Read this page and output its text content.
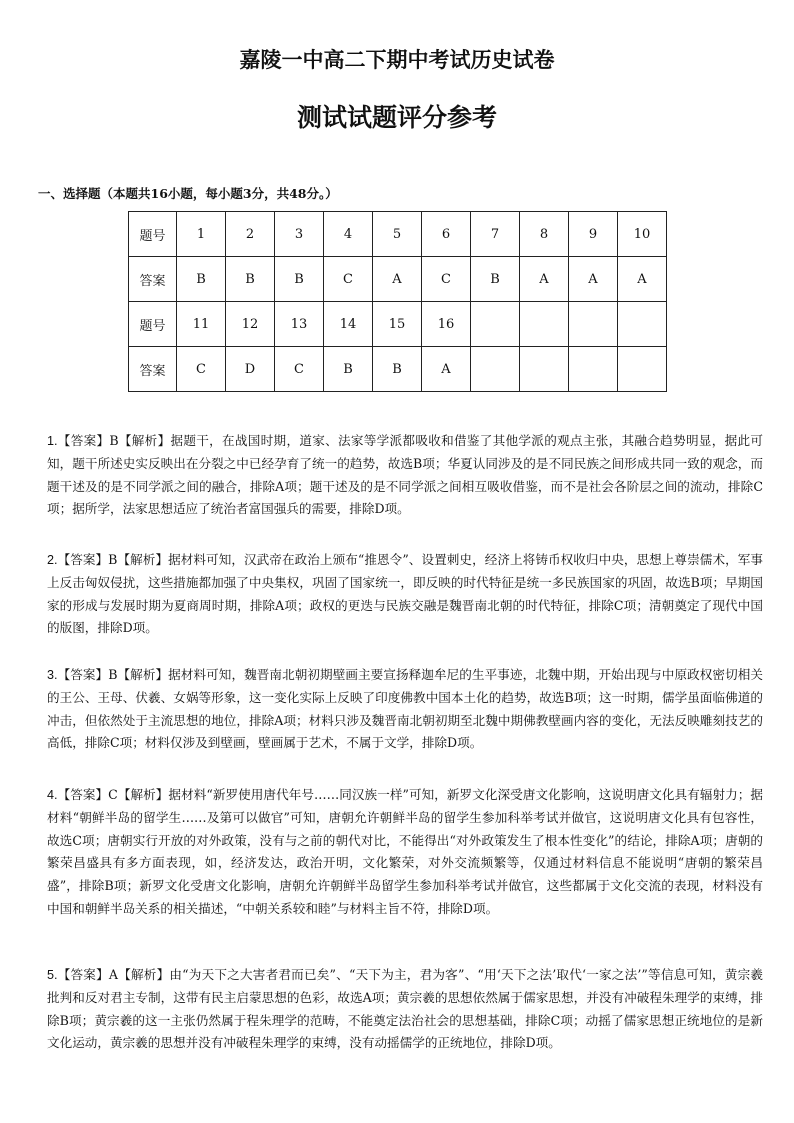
嘉陵一中高二下期中考试历史试卷
测试试题评分参考
一、选择题（本题共16小题，每小题3分，共48分。）
题号	1	2	3	4	5	6	7	8	9	10
答案	B	B	B	C	A	C	B	A	A	A
题号	11	12	13	14	15	16				
答案	C	D	C	B	B	A				
1.【答案】B【解析】据题干，在战国时期，道家、法家等学派都吸收和借鉴了其他学派的观点主张，其融合趋势明显，据此可知，题干所述史实反映出在分裂之中已经孕育了统一的趋势，故选B项；华夏认同涉及的是不同民族之间形成共同一致的观念，而题干述及的是不同学派之间的融合，排除A项；题干述及的是不同学派之间相互吸收借鉴，而不是社会各阶层之间的流动，排除C项；据所学，法家思想适应了统治者富国强兵的需要，排除D项。
2.【答案】B【解析】据材料可知，汉武帝在政治上颁布“推恩令”、设置刺史，经济上将铸币权收归中央，思想上尊崇儒术，军事上反击匈奴侵扰，这些措施都加强了中央集权，巩固了国家统一，即反映的时代特征是统一多民族国家的巩固，故选B项；早期国家的形成与发展时期为夏商周时期，排除A项；政权的更迭与民族交融是魏晋南北朝的时代特征，排除C项；清朝奠定了现代中国的版图，排除D项。
3.【答案】B【解析】据材料可知，魏晋南北朝初期壁画主要宣扬释迦牟尼的生平事迹，北魏中期，开始出现与中原政权密切相关的王公、王母、伏羲、女娲等形象，这一变化实际上反映了印度佛教中国本土化的趋势，故选B项；这一时期，儒学虽面临佛道的冲击，但依然处于主流思想的地位，排除A项；材料只涉及魏晋南北朝初期至北魏中期佛教壁画内容的变化，无法反映雕刻技艺的高低，排除C项；材料仅涉及到壁画，壁画属于艺术，不属于文学，排除D项。
4.【答案】C【解析】据材料“新罗使用唐代年号……同汉族一样”可知，新罗文化深受唐文化影响，这说明唐文化具有辐射力；据材料“朝鲜半岛的留学生……及第可以做官”可知，唐朝允许朝鲜半岛的留学生参加科举考试并做官，这说明唐文化具有包容性，故选C项；唐朝实行开放的对外政策，没有与之前的朝代对比，不能得出“对外政策发生了根本性变化”的结论，排除A项；唐朝的繁荣昌盛具有多方面表现，如，经济发达，政治开明，文化繁荣，对外交流频繁等，仅通过材料信息不能说明“唐朝的繁荣昌盛”，排除B项；新罗文化受唐文化影响，唐朝允许朝鲜半岛留学生参加科举考试并做官，这些都属于文化交流的表现，材料没有中国和朝鲜半岛关系的相关描述，“中朝关系较和睦”与材料主旨不符，排除D项。
5.【答案】A【解析】由“为天下之大害者君而已矣”、“天下为主，君为客”、“用‘天下之法’取代‘一家之法’”等信息可知，黄宗羲批判和反对君主专制，这带有民主启蒙思想的色彩，故选A项；黄宗羲的思想依然属于儒家思想，并没有冲破程朱理学的束缚，排除B项；黄宗羲的这一主张仍然属于程朱理学的范畴，不能奠定法治社会的思想基础，排除C项；动摇了儒家思想正统地位的是新文化运动，黄宗羲的思想并没有冲破程朱理学的束缚，没有动摇儒学的正统地位，排除D项。
